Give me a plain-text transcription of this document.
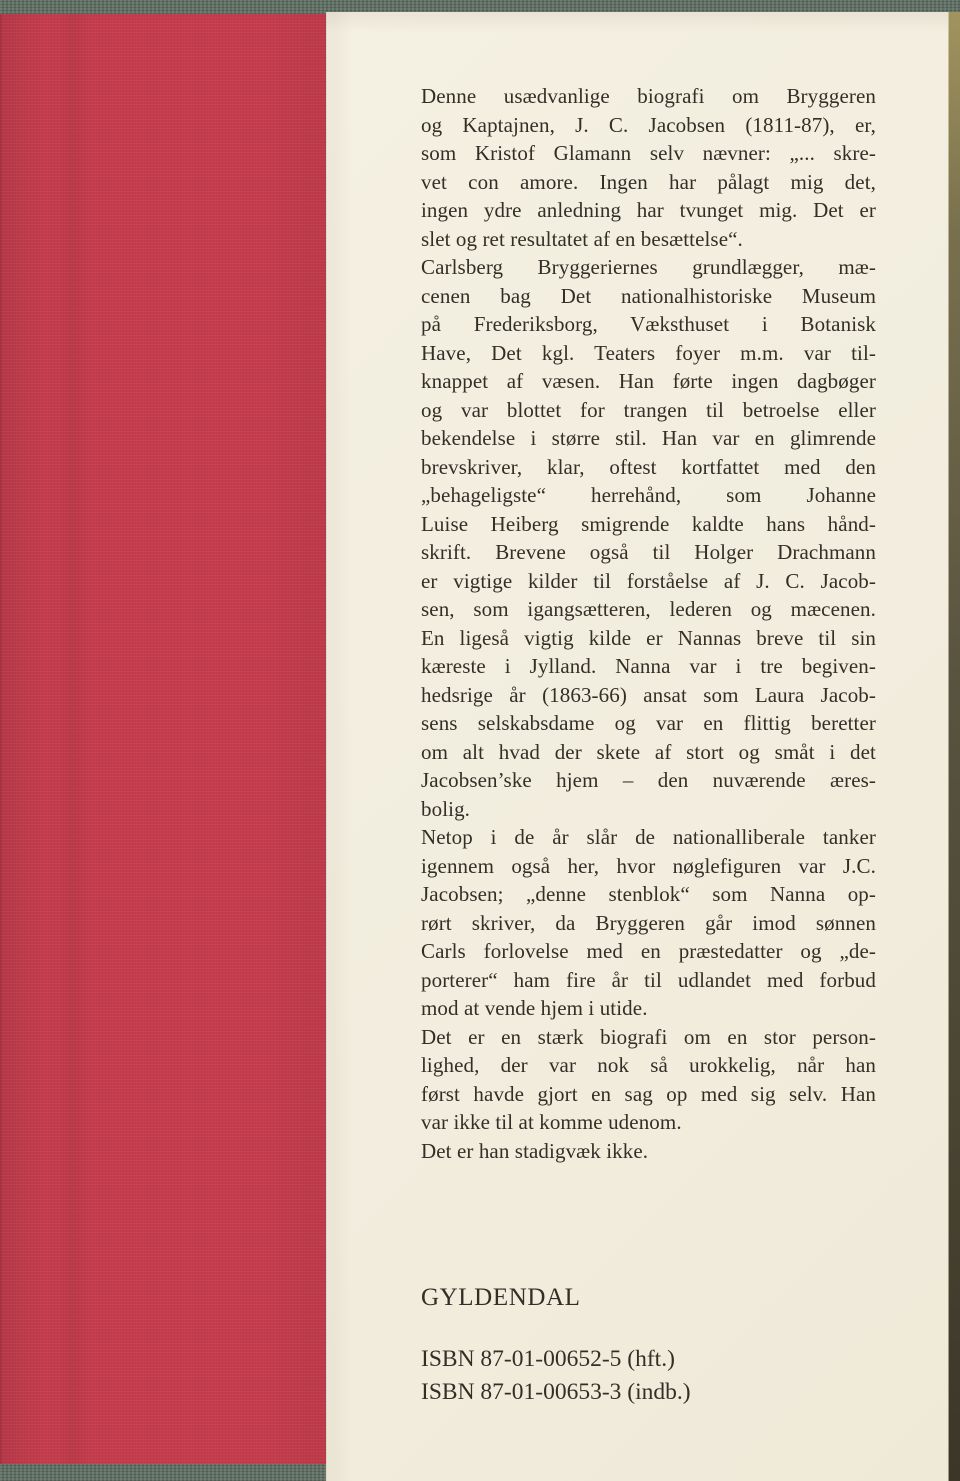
Denne usædvanlige biografi om Bryggeren
og Kaptajnen, J. C. Jacobsen (1811-87), er,
som Kristof Glamann selv nævner: „... skre-
vet con amore. Ingen har pålagt mig det,
ingen ydre anledning har tvunget mig. Det er
slet og ret resultatet af en besættelse“.
Carlsberg Bryggeriernes grundlægger, mæ-
cenen bag Det nationalhistoriske Museum
på Frederiksborg, Væksthuset i Botanisk
Have, Det kgl. Teaters foyer m.m. var til-
knappet af væsen. Han førte ingen dagbøger
og var blottet for trangen til betroelse eller
bekendelse i større stil. Han var en glimrende
brevskriver, klar, oftest kortfattet med den
„behageligste“ herrehånd, som Johanne
Luise Heiberg smigrende kaldte hans hånd-
skrift. Brevene også til Holger Drachmann
er vigtige kilder til forståelse af J. C. Jacob-
sen, som igangsætteren, lederen og mæcenen.
En ligeså vigtig kilde er Nannas breve til sin
kæreste i Jylland. Nanna var i tre begiven-
hedsrige år (1863-66) ansat som Laura Jacob-
sens selskabsdame og var en flittig beretter
om alt hvad der skete af stort og småt i det
Jacobsen’ske hjem – den nuværende æres-
bolig.
Netop i de år slår de nationalliberale tanker
igennem også her, hvor nøglefiguren var J.C.
Jacobsen; „denne stenblok“ som Nanna op-
rørt skriver, da Bryggeren går imod sønnen
Carls forlovelse med en præstedatter og „de-
porterer“ ham fire år til udlandet med forbud
mod at vende hjem i utide.
Det er en stærk biografi om en stor person-
lighed, der var nok så urokkelig, når han
først havde gjort en sag op med sig selv. Han
var ikke til at komme udenom.
Det er han stadigvæk ikke.
GYLDENDAL
ISBN 87-01-00652-5 (hft.)
ISBN 87-01-00653-3 (indb.)
